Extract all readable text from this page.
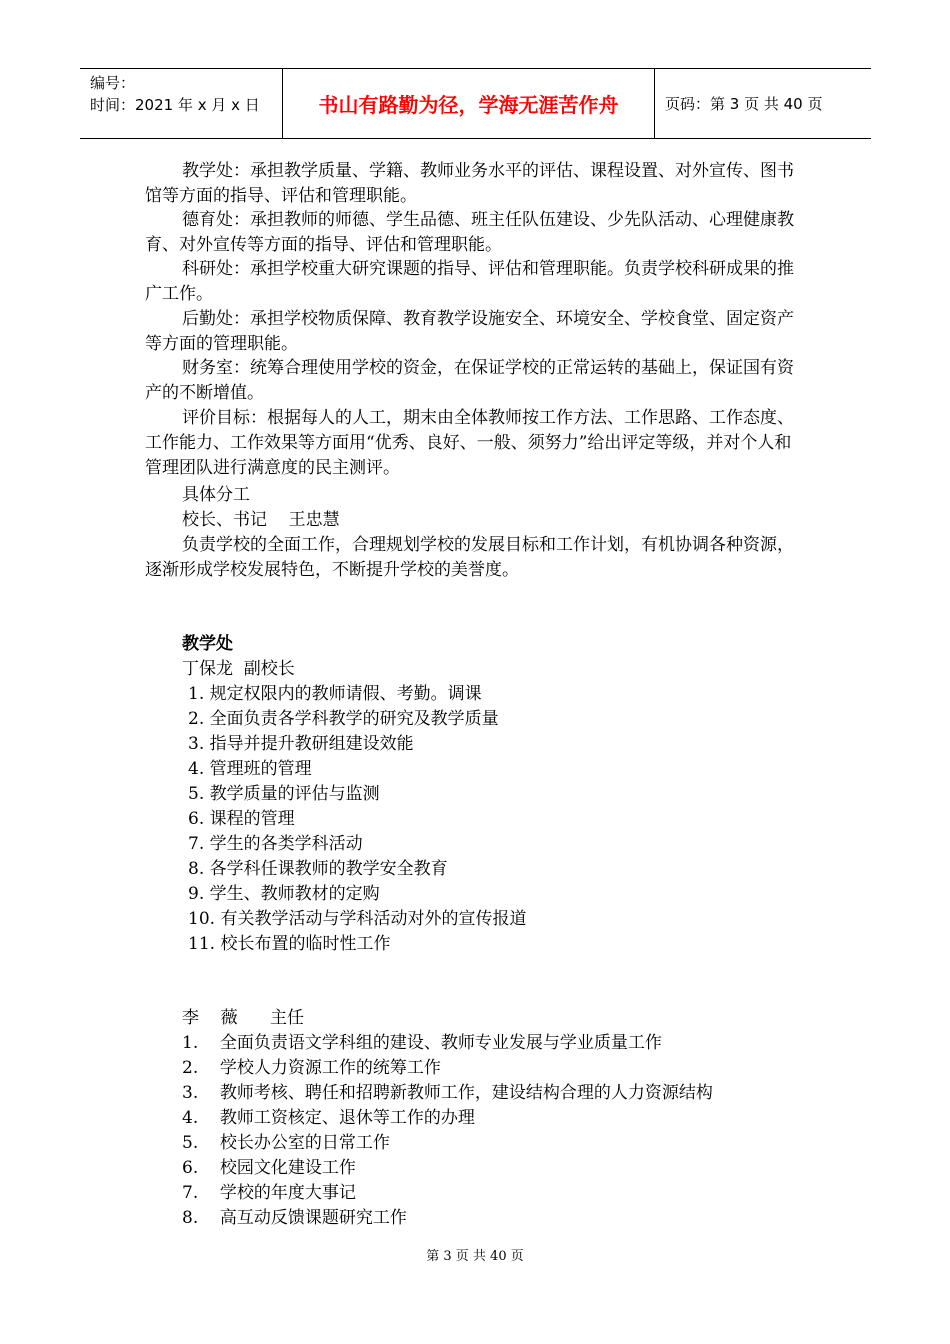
编号：
时间：2021 年 x 月 x 日	书山有路勤为径，学海无涯苦作舟	页码：第 3 页 共 40 页

教学处：承担教学质量、学籍、教师业务水平的评估、课程设置、对外宣传、图书馆等方面的指导、评估和管理职能。

德育处：承担教师的师德、学生品德、班主任队伍建设、少先队活动、心理健康教育、对外宣传等方面的指导、评估和管理职能。

科研处：承担学校重大研究课题的指导、评估和管理职能。负责学校科研成果的推广工作。

后勤处：承担学校物质保障、教育教学设施安全、环境安全、学校食堂、固定资产等方面的管理职能。

财务室：统筹合理使用学校的资金，在保证学校的正常运转的基础上，保证国有资产的不断增值。

评价目标：根据每人的人工，期末由全体教师按工作方法、工作思路、工作态度、工作能力、工作效果等方面用“优秀、良好、一般、须努力”给出评定等级，并对个人和管理团队进行满意度的民主测评。

具体分工

校长、书记    王忠慧

负责学校的全面工作，合理规划学校的发展目标和工作计划，有机协调各种资源，逐渐形成学校发展特色，不断提升学校的美誉度。

教学处

丁保龙  副校长

1. 规定权限内的教师请假、考勤。调课

2. 全面负责各学科教学的研究及教学质量

3. 指导并提升教研组建设效能

4. 管理班的管理

5. 教学质量的评估与监测

6. 课程的管理

7. 学生的各类学科活动

8. 各学科任课教师的教学安全教育

9. 学生、教师教材的定购

10. 有关教学活动与学科活动对外的宣传报道

11. 校长布置的临时性工作

李    薇      主任

1.    全面负责语文学科组的建设、教师专业发展与学业质量工作

2.    学校人力资源工作的统筹工作

3.    教师考核、聘任和招聘新教师工作，建设结构合理的人力资源结构

4.    教师工资核定、退休等工作的办理

5.    校长办公室的日常工作

6.    校园文化建设工作

7.    学校的年度大事记

8.    高互动反馈课题研究工作

第 3 页 共 40 页
